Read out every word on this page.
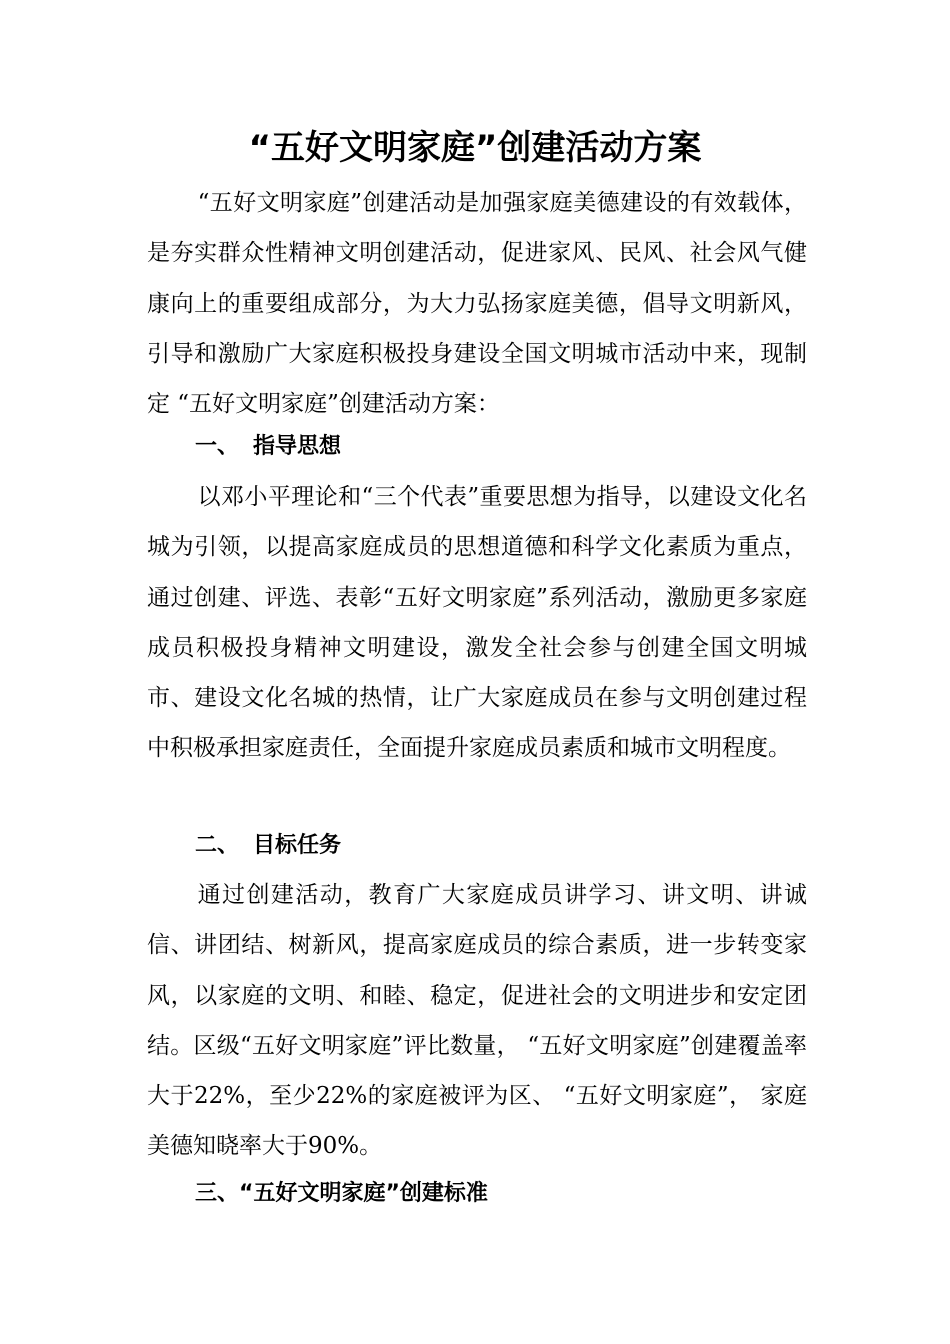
“五好文明家庭”创建活动方案

“五好文明家庭”创建活动是加强家庭美德建设的有效载体，是夯实群众性精神文明创建活动，促进家风、民风、社会风气健康向上的重要组成部分，为大力弘扬家庭美德，倡导文明新风，引导和激励广大家庭积极投身建设全国文明城市活动中来，现制定 “五好文明家庭”创建活动方案：

一、 指导思想

以邓小平理论和“三个代表”重要思想为指导，以建设文化名城为引领，以提高家庭成员的思想道德和科学文化素质为重点，通过创建、评选、表彰“五好文明家庭”系列活动，激励更多家庭成员积极投身精神文明建设，激发全社会参与创建全国文明城市、建设文化名城的热情，让广大家庭成员在参与文明创建过程中积极承担家庭责任，全面提升家庭成员素质和城市文明程度。

二、 目标任务

通过创建活动，教育广大家庭成员讲学习、讲文明、讲诚信、讲团结、树新风，提高家庭成员的综合素质，进一步转变家风，以家庭的文明、和睦、稳定，促进社会的文明进步和安定团结。区级“五好文明家庭”评比数量， “五好文明家庭”创建覆盖率大于22%，至少22%的家庭被评为区、 “五好文明家庭”， 家庭美德知晓率大于90%。

三、“五好文明家庭”创建标准
